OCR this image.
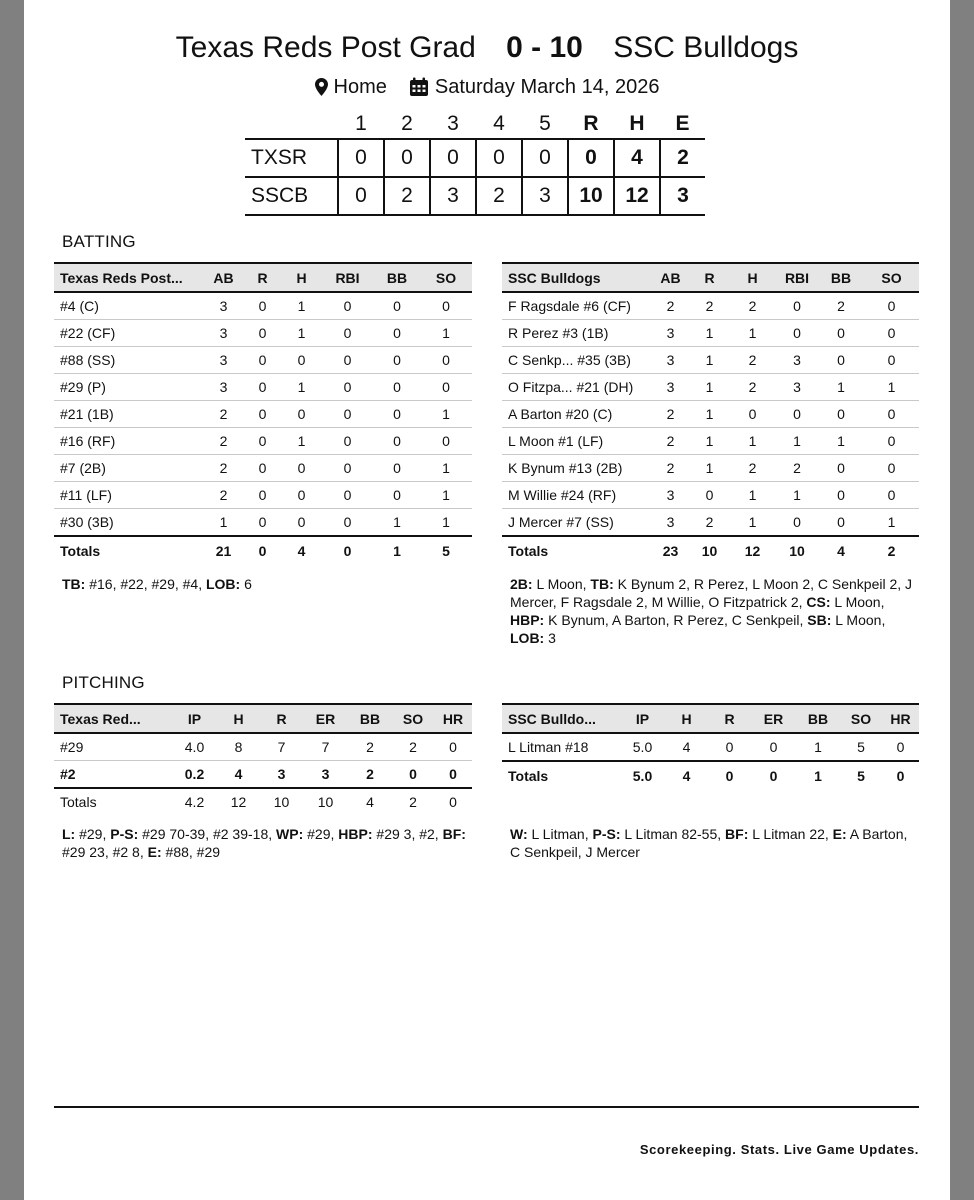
Texas Reds Post Grad 0 - 10 SSC Bulldogs
Home Saturday March 14, 2026
	1	2	3	4	5	R	H	E
TXSR	0	0	0	0	0	0	4	2
SSCB	0	2	3	2	3	10	12	3
BATTING
Texas Reds Post...	AB	R	H	RBI	BB	SO
#4 (C)	3	0	1	0	0	0
#22 (CF)	3	0	1	0	0	1
#88 (SS)	3	0	0	0	0	0
#29 (P)	3	0	1	0	0	0
#21 (1B)	2	0	0	0	0	1
#16 (RF)	2	0	1	0	0	0
#7 (2B)	2	0	0	0	0	1
#11 (LF)	2	0	0	0	0	1
#30 (3B)	1	0	0	0	1	1
Totals	21	0	4	0	1	5
SSC Bulldogs	AB	R	H	RBI	BB	SO
F Ragsdale #6 (CF)	2	2	2	0	2	0
R Perez #3 (1B)	3	1	1	0	0	0
C Senkp... #35 (3B)	3	1	2	3	0	0
O Fitzpa... #21 (DH)	3	1	2	3	1	1
A Barton #20 (C)	2	1	0	0	0	0
L Moon #1 (LF)	2	1	1	1	1	0
K Bynum #13 (2B)	2	1	2	2	0	0
M Willie #24 (RF)	3	0	1	1	0	0
J Mercer #7 (SS)	3	2	1	0	0	1
Totals	23	10	12	10	4	2
TB: #16, #22, #29, #4, LOB: 6	2B: L Moon, TB: K Bynum 2, R Perez, L Moon 2, C Senkpeil 2, J Mercer, F Ragsdale 2, M Willie, O Fitzpatrick 2, CS: L Moon, HBP: K Bynum, A Barton, R Perez, C Senkpeil, SB: L Moon, LOB: 3
PITCHING
Texas Red...	IP	H	R	ER	BB	SO	HR
#29	4.0	8	7	7	2	2	0
#2	0.2	4	3	3	2	0	0
Totals	4.2	12	10	10	4	2	0
SSC Bulldo...	IP	H	R	ER	BB	SO	HR
L Litman #18	5.0	4	0	0	1	5	0
Totals	5.0	4	0	0	1	5	0
L: #29, P-S: #29 70-39, #2 39-18, WP: #29, HBP: #29 3, #2, BF: #29 23, #2 8, E: #88, #29
W: L Litman, P-S: L Litman 82-55, BF: L Litman 22, E: A Barton, C Senkpeil, J Mercer
Scorekeeping. Stats. Live Game Updates.
